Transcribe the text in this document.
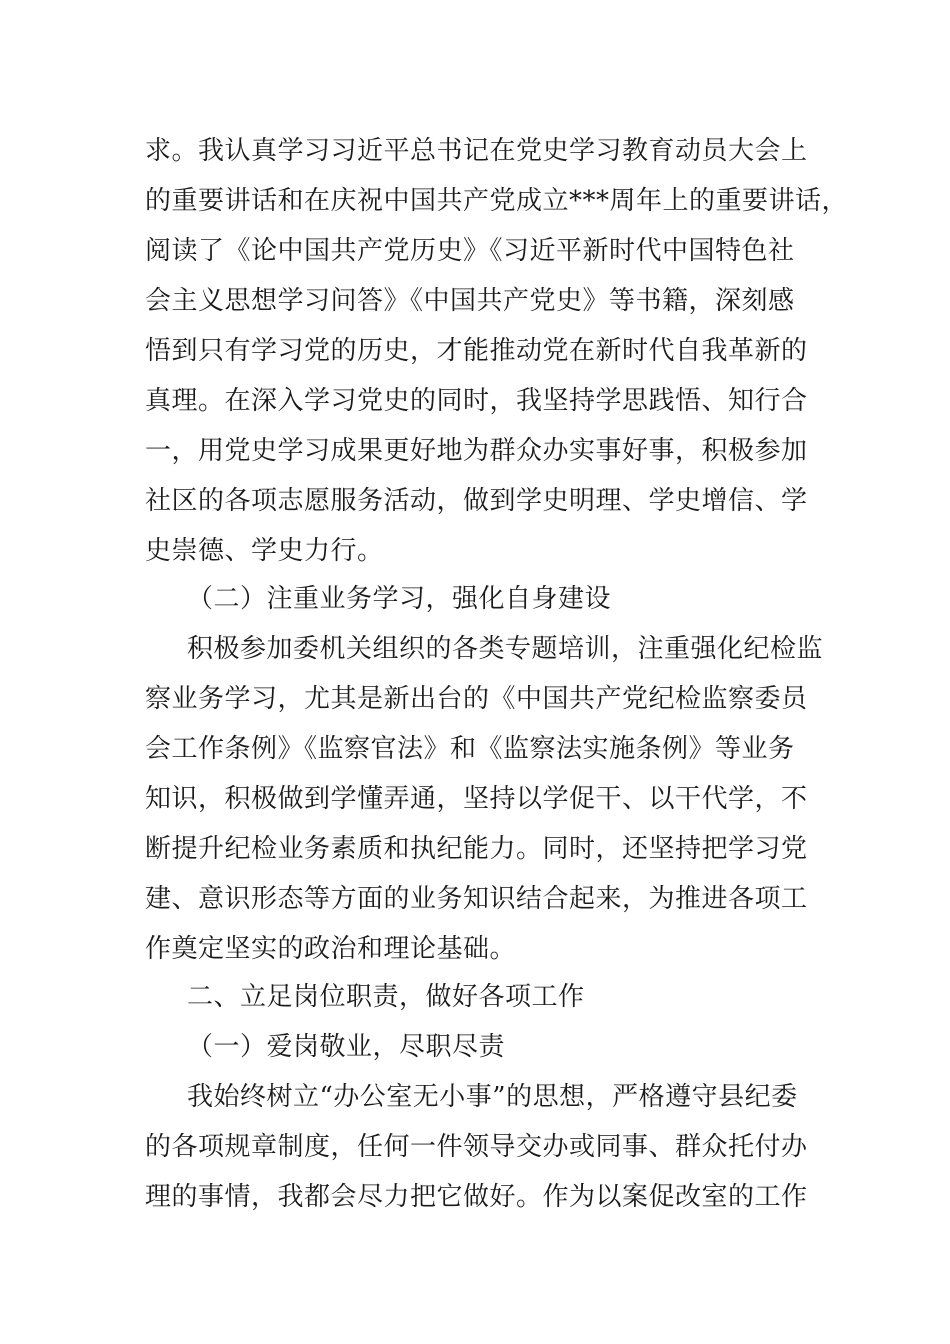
求。我认真学习习近平总书记在党史学习教育动员大会上
的重要讲话和在庆祝中国共产党成立***周年上的重要讲话，
阅读了《论中国共产党历史》《习近平新时代中国特色社
会主义思想学习问答》《中国共产党史》等书籍，深刻感
悟到只有学习党的历史，才能推动党在新时代自我革新的
真理。在深入学习党史的同时，我坚持学思践悟、知行合
一，用党史学习成果更好地为群众办实事好事，积极参加
社区的各项志愿服务活动，做到学史明理、学史增信、学
史崇德、学史力行。
（二）注重业务学习，强化自身建设
积极参加委机关组织的各类专题培训，注重强化纪检监
察业务学习，尤其是新出台的《中国共产党纪检监察委员
会工作条例》《监察官法》和《监察法实施条例》等业务
知识，积极做到学懂弄通，坚持以学促干、以干代学，不
断提升纪检业务素质和执纪能力。同时，还坚持把学习党
建、意识形态等方面的业务知识结合起来，为推进各项工
作奠定坚实的政治和理论基础。
二、立足岗位职责，做好各项工作
（一）爱岗敬业，尽职尽责
我始终树立“办公室无小事”的思想，严格遵守县纪委
的各项规章制度，任何一件领导交办或同事、群众托付办
理的事情，我都会尽力把它做好。作为以案促改室的工作
